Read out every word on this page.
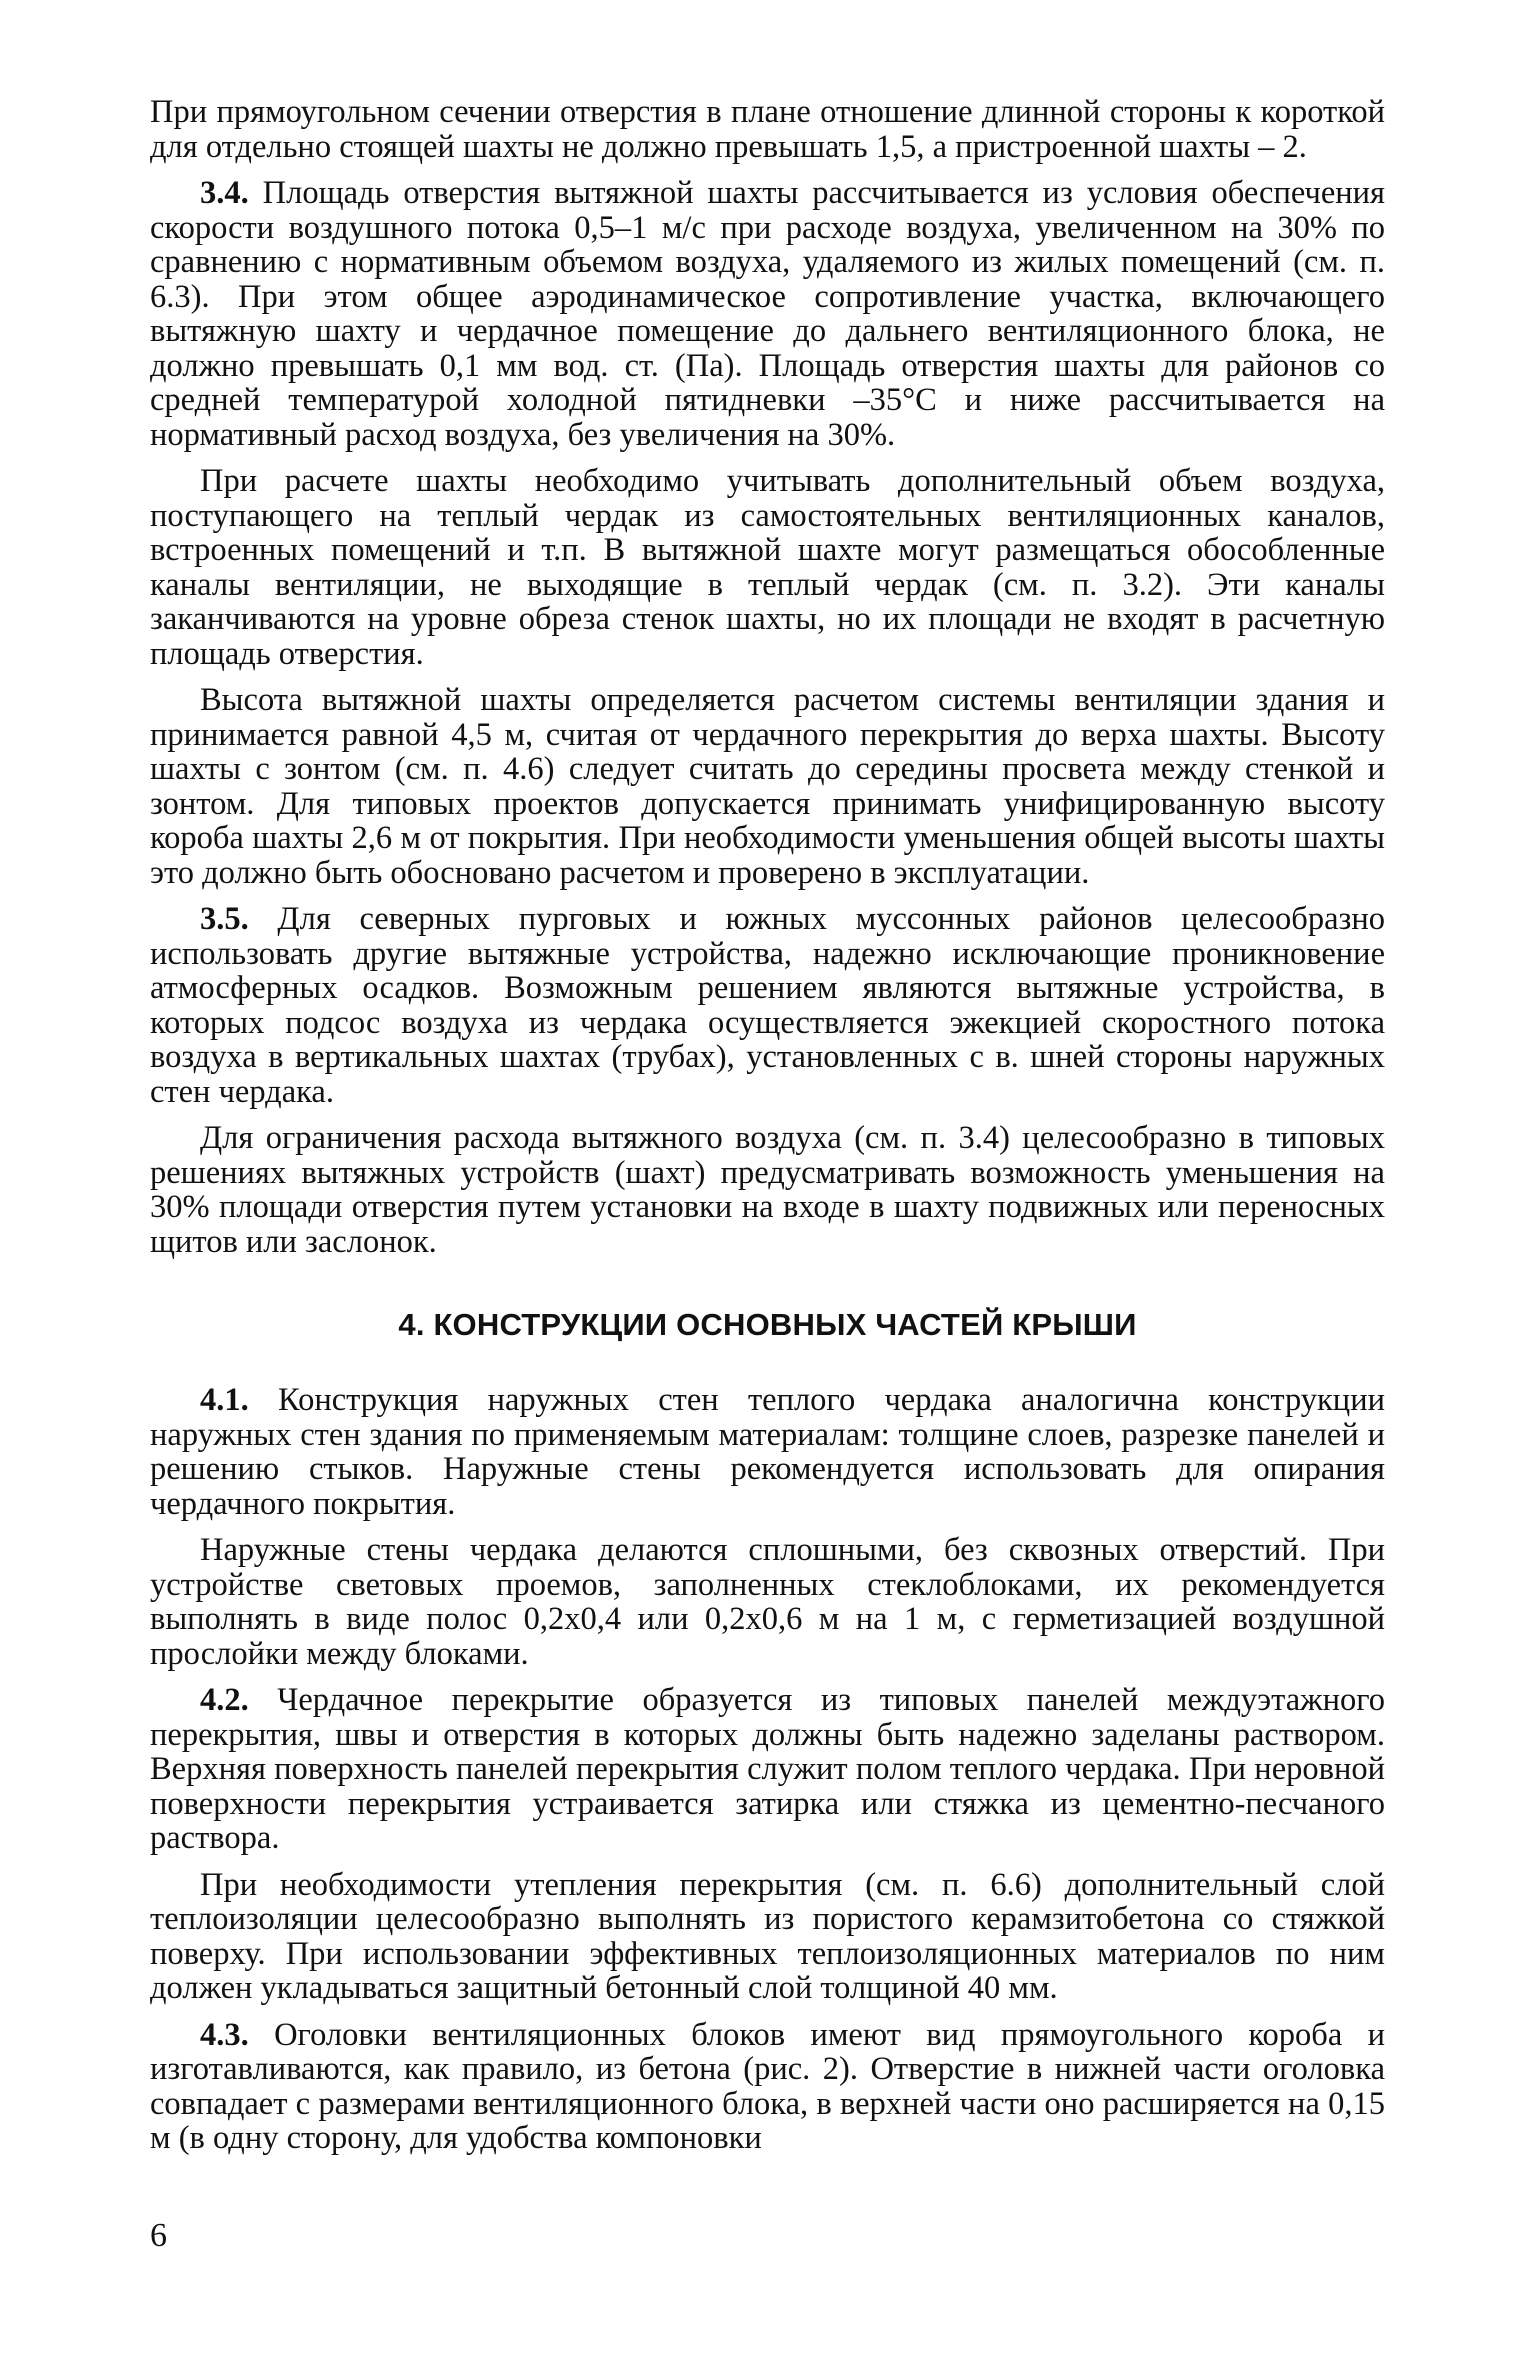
При прямоугольном сечении отверстия в плане отношение длинной стороны к короткой для отдельно стоящей шахты не должно превышать 1,5, а пристроенной шахты – 2.

3.4. Площадь отверстия вытяжной шахты рассчитывается из условия обеспечения скорости воздушного потока 0,5–1 м/с при расходе воздуха, увеличенном на 30% по сравнению с нормативным объемом воздуха, удаляемого из жилых помещений (см. п. 6.3). При этом общее аэродинамическое сопротивление участка, включающего вытяжную шахту и чердачное помещение до дальнего вентиляционного блока, не должно превышать 0,1 мм вод. ст. (Па). Площадь отверстия шахты для районов со средней температурой холодной пятидневки –35°С и ниже рассчитывается на нормативный расход воздуха, без увеличения на 30%.

При расчете шахты необходимо учитывать дополнительный объем воздуха, поступающего на теплый чердак из самостоятельных вентиляционных каналов, встроенных помещений и т.п. В вытяжной шахте могут размещаться обособленные каналы вентиляции, не выходящие в теплый чердак (см. п. 3.2). Эти каналы заканчиваются на уровне обреза стенок шахты, но их площади не входят в расчетную площадь отверстия.

Высота вытяжной шахты определяется расчетом системы вентиляции здания и принимается равной 4,5 м, считая от чердачного перекрытия до верха шахты. Высоту шахты с зонтом (см. п. 4.6) следует считать до середины просвета между стенкой и зонтом. Для типовых проектов допускается принимать унифицированную высоту короба шахты 2,6 м от покрытия. При необходимости уменьшения общей высоты шахты это должно быть обосновано расчетом и проверено в эксплуатации.

3.5. Для северных пурговых и южных муссонных районов целесообразно использовать другие вытяжные устройства, надежно исключающие проникновение атмосферных осадков. Возможным решением являются вытяжные устройства, в которых подсос воздуха из чердака осуществляется эжекцией скоростного потока воздуха в вертикальных шахтах (трубах), установленных с в. шней стороны наружных стен чердака.

Для ограничения расхода вытяжного воздуха (см. п. 3.4) целесообразно в типовых решениях вытяжных устройств (шахт) предусматривать возможность уменьшения на 30% площади отверстия путем установки на входе в шахту подвижных или переносных щитов или заслонок.

4. КОНСТРУКЦИИ ОСНОВНЫХ ЧАСТЕЙ КРЫШИ

4.1. Конструкция наружных стен теплого чердака аналогична конструкции наружных стен здания по применяемым материалам: толщине слоев, разрезке панелей и решению стыков. Наружные стены рекомендуется использовать для опирания чердачного покрытия.

Наружные стены чердака делаются сплошными, без сквозных отверстий. При устройстве световых проемов, заполненных стеклоблоками, их рекомендуется выполнять в виде полос 0,2х0,4 или 0,2х0,6 м на 1 м, с герметизацией воздушной прослойки между блоками.

4.2. Чердачное перекрытие образуется из типовых панелей междуэтажного перекрытия, швы и отверстия в которых должны быть надежно заделаны раствором. Верхняя поверхность панелей перекрытия служит полом теплого чердака. При неровной поверхности перекрытия устраивается затирка или стяжка из цементно-песчаного раствора.

При необходимости утепления перекрытия (см. п. 6.6) дополнительный слой теплоизоляции целесообразно выполнять из пористого керамзитобетона со стяжкой поверху. При использовании эффективных теплоизоляционных материалов по ним должен укладываться защитный бетонный слой толщиной 40 мм.

4.3. Оголовки вентиляционных блоков имеют вид прямоугольного короба и изготавливаются, как правило, из бетона (рис. 2). Отверстие в нижней части оголовка совпадает с размерами вентиляционного блока, в верхней части оно расширяется на 0,15 м (в одну сторону, для удобства компоновки

6
